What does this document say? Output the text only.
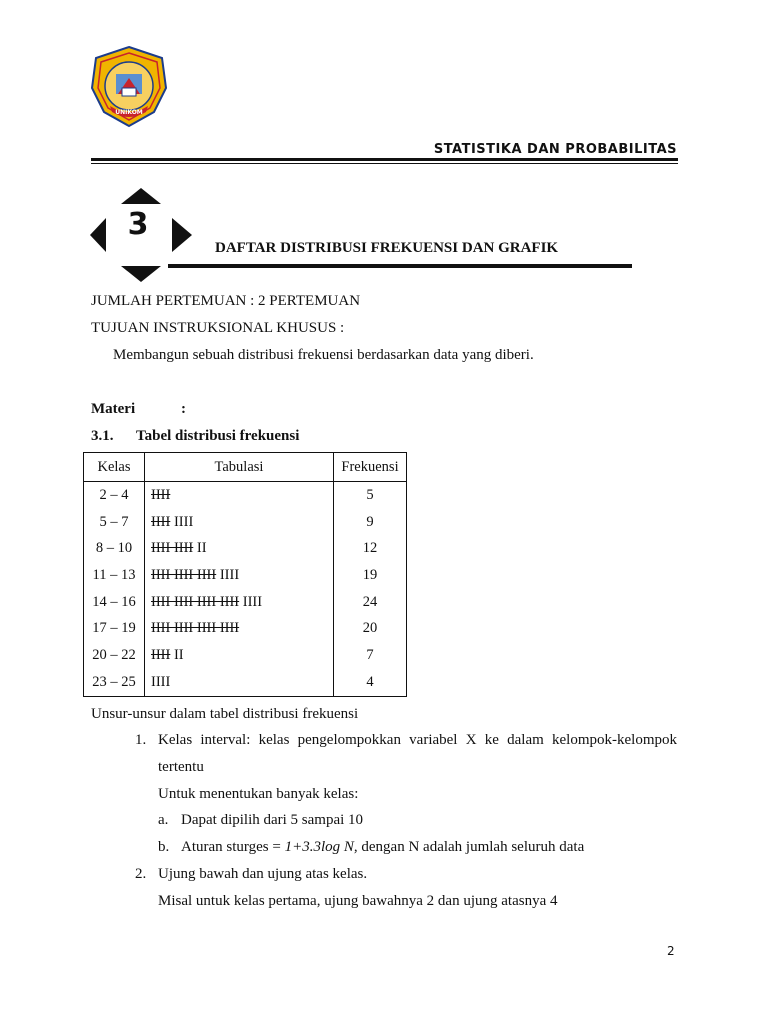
UNIKOM
STATISTIKA DAN PROBABILITAS
3
DAFTAR DISTRIBUSI FREKUENSI DAN GRAFIK
JUMLAH PERTEMUAN : 2 PERTEMUAN
TUJUAN INSTRUKSIONAL KHUSUS :
Membangun sebuah distribusi frekuensi berdasarkan data yang diberi.
Materi	:
3.1. Tabel distribusi frekuensi
Kelas	Tabulasi	Frekuensi
2 – 4	IIII	5
5 – 7	IIII IIII	9
8 – 10	IIII IIII II	12
11 – 13	IIII IIII IIII IIII	19
14 – 16	IIII IIII IIII IIII IIII	24
17 – 19	IIII IIII IIII IIII	20
20 – 22	IIII II	7
23 – 25	IIII	4
Unsur-unsur dalam tabel distribusi frekuensi
1. Kelas interval: kelas pengelompokkan variabel X ke dalam kelompok-kelompok
tertentu
Untuk menentukan banyak kelas:
a. Dapat dipilih dari 5 sampai 10
b. Aturan sturges = 1+3.3log N, dengan N adalah jumlah seluruh data
2. Ujung bawah dan ujung atas kelas.
Misal untuk kelas pertama, ujung bawahnya 2 dan ujung atasnya 4
2
